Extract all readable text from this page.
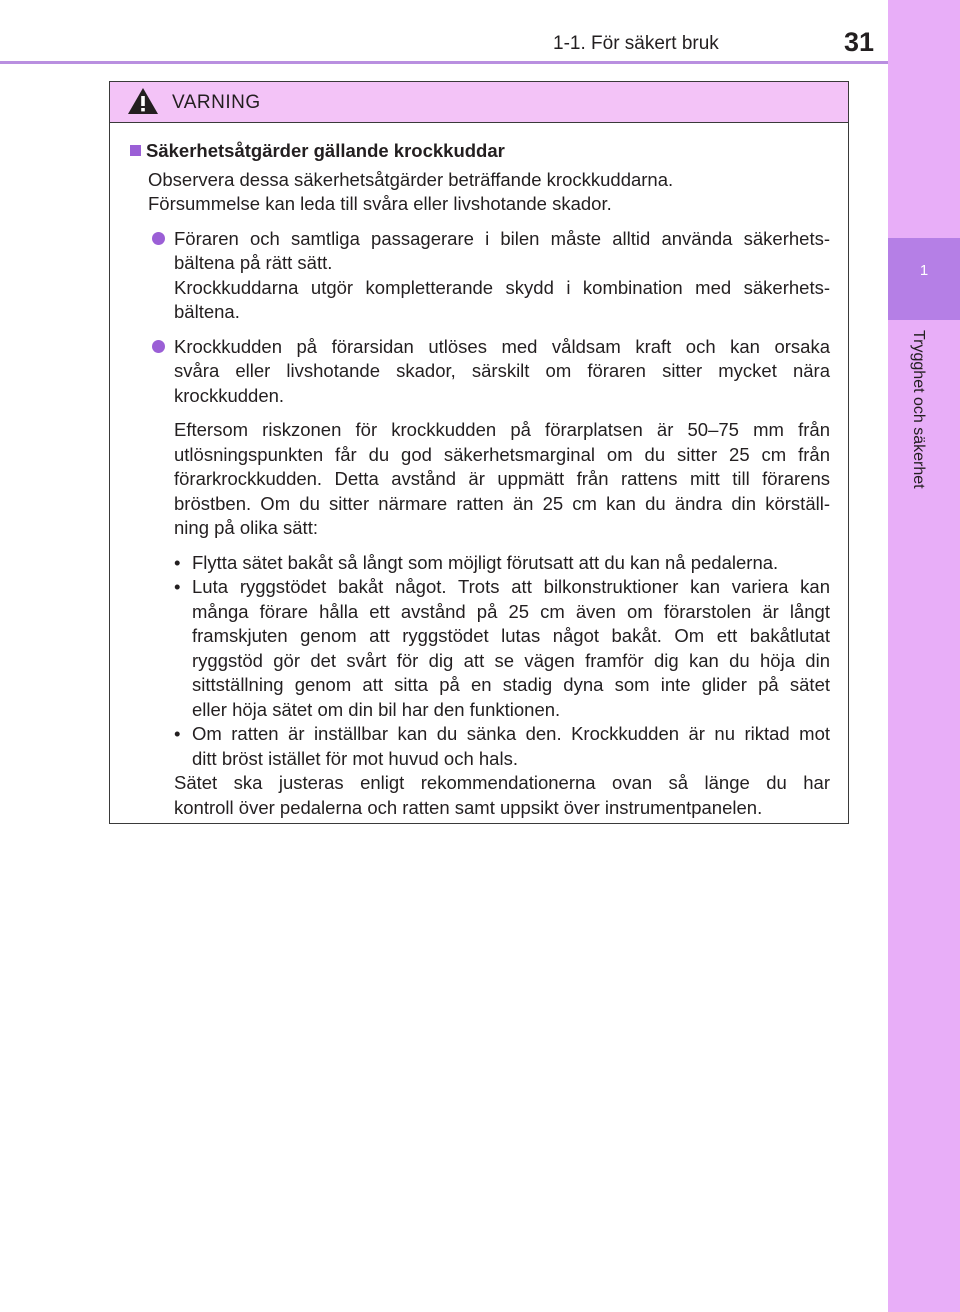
1
Trygghet och säkerhet
1-1. För säkert bruk	31
VARNING
Säkerhetsåtgärder gällande krockkuddar
Observera dessa säkerhetsåtgärder beträffande krockkuddarna.
Försummelse kan leda till svåra eller livshotande skador.
Föraren och samtliga passagerare i bilen måste alltid använda säkerhets-
bältena på rätt sätt.
Krockkuddarna utgör kompletterande skydd i kombination med säkerhets-
bältena.
Krockkudden på förarsidan utlöses med våldsam kraft och kan orsaka
svåra eller livshotande skador, särskilt om föraren sitter mycket nära
krockkudden.
Eftersom riskzonen för krockkudden på förarplatsen är 50–75 mm från
utlösningspunkten får du god säkerhetsmarginal om du sitter 25 cm från
förarkrockkudden. Detta avstånd är uppmätt från rattens mitt till förarens
bröstben. Om du sitter närmare ratten än 25 cm kan du ändra din körställ-
ning på olika sätt:
• Flytta sätet bakåt så långt som möjligt förutsatt att du kan nå pedalerna.
• Luta ryggstödet bakåt något. Trots att bilkonstruktioner kan variera kan
många förare hålla ett avstånd på 25 cm även om förarstolen är långt
framskjuten genom att ryggstödet lutas något bakåt. Om ett bakåtlutat
ryggstöd gör det svårt för dig att se vägen framför dig kan du höja din
sittställning genom att sitta på en stadig dyna som inte glider på sätet
eller höja sätet om din bil har den funktionen.
• Om ratten är inställbar kan du sänka den. Krockkudden är nu riktad mot
ditt bröst istället för mot huvud och hals.
Sätet ska justeras enligt rekommendationerna ovan så länge du har
kontroll över pedalerna och ratten samt uppsikt över instrumentpanelen.
